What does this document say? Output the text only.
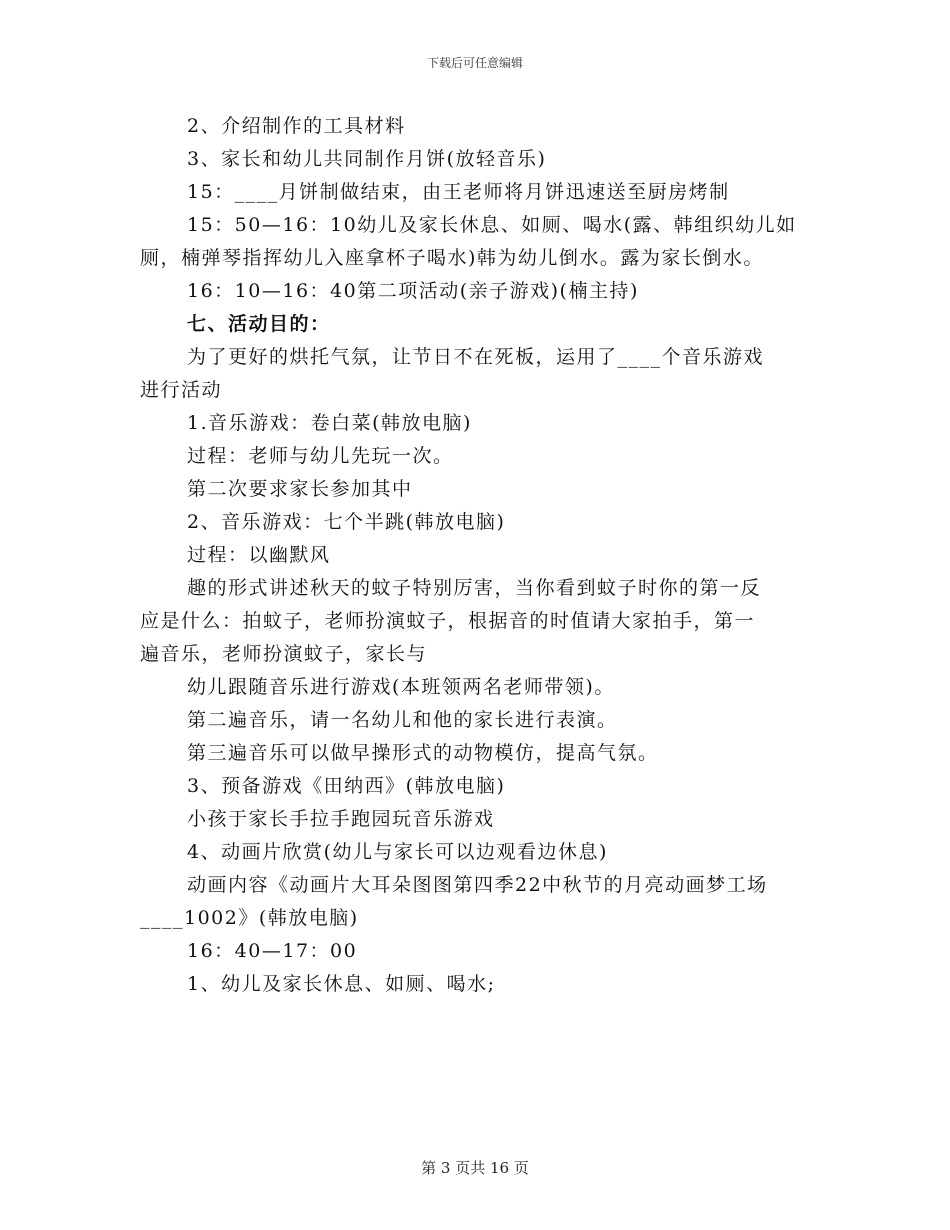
下载后可任意编辑
2、介绍制作的工具材料
3、家长和幼儿共同制作月饼(放轻音乐)
15：____月饼制做结束，由王老师将月饼迅速送至厨房烤制
15：50—16：10幼儿及家长休息、如厕、喝水(露、韩组织幼儿如
厕，楠弹琴指挥幼儿入座拿杯子喝水)韩为幼儿倒水。露为家长倒水。
16：10—16：40第二项活动(亲子游戏)(楠主持)
七、活动目的：
为了更好的烘托气氛，让节日不在死板，运用了____个音乐游戏
进行活动
1.音乐游戏：卷白菜(韩放电脑)
过程：老师与幼儿先玩一次。
第二次要求家长参加其中
2、音乐游戏：七个半跳(韩放电脑)
过程：以幽默风
趣的形式讲述秋天的蚊子特别厉害，当你看到蚊子时你的第一反
应是什么：拍蚊子，老师扮演蚊子，根据音的时值请大家拍手，第一
遍音乐，老师扮演蚊子，家长与
幼儿跟随音乐进行游戏(本班领两名老师带领)。
第二遍音乐，请一名幼儿和他的家长进行表演。
第三遍音乐可以做早操形式的动物模仿，提高气氛。
3、预备游戏《田纳西》(韩放电脑)
小孩于家长手拉手跑园玩音乐游戏
4、动画片欣赏(幼儿与家长可以边观看边休息)
动画内容《动画片大耳朵图图第四季22中秋节的月亮动画梦工场
____1002》(韩放电脑)
16：40—17：00
1、幼儿及家长休息、如厕、喝水;
第 3 页共 16 页
